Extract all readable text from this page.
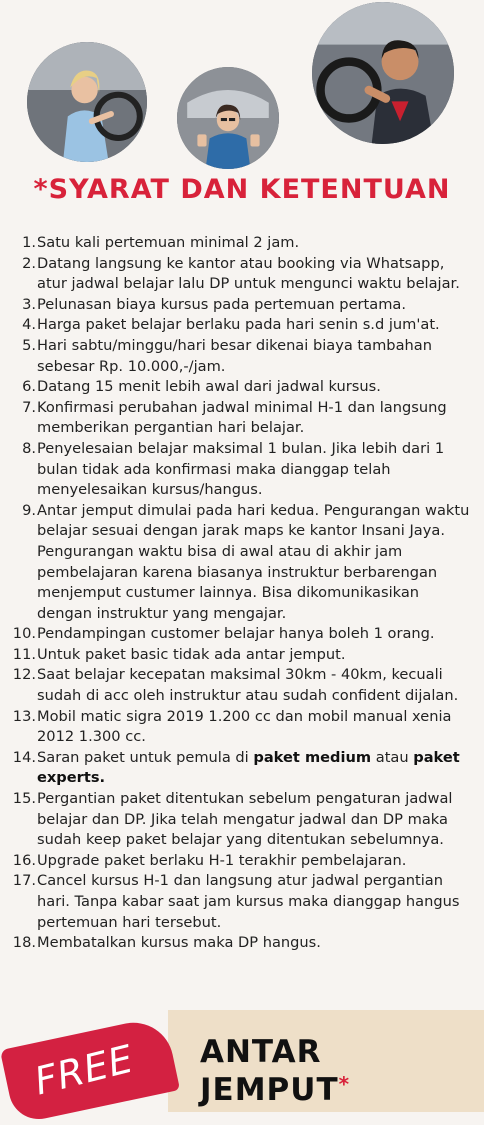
*SYARAT DAN KETENTUAN
1 . Satu kali pertemuan minimal 2 jam.
2 . Datang langsung ke kantor atau booking via Whatsapp, atur jadwal belajar lalu DP untuk mengunci waktu belajar.
3 . Pelunasan biaya kursus pada pertemuan pertama.
4 . Harga paket belajar berlaku pada hari senin s.d jum'at.
5 . Hari sabtu/minggu/hari besar dikenai biaya tambahan sebesar Rp. 10.000,-/jam.
6 . Datang 15 menit lebih awal dari jadwal kursus.
7 . Konfirmasi perubahan jadwal minimal H-1 dan langsung memberikan pergantian hari belajar.
8 . Penyelesaian belajar maksimal 1 bulan. Jika lebih dari 1 bulan tidak ada konfirmasi maka dianggap telah menyelesaikan kursus/hangus.
9 . Antar jemput dimulai pada hari kedua. Pengurangan waktu belajar sesuai dengan jarak maps ke kantor Insani Jaya. Pengurangan waktu bisa di awal atau di akhir jam pembelajaran karena biasanya instruktur berbarengan menjemput custumer lainnya. Bisa dikomunikasikan dengan instruktur yang mengajar.
10 . Pendampingan customer belajar hanya boleh 1 orang.
11 . Untuk paket basic tidak ada antar jemput.
12 . Saat belajar kecepatan maksimal 30km - 40km, kecuali sudah di acc oleh instruktur atau sudah confident dijalan.
13 . Mobil matic sigra 2019 1.200 cc dan mobil manual xenia 2012 1.300 cc.
14 . Saran paket untuk pemula di paket medium atau paket experts.
15 . Pergantian paket ditentukan sebelum pengaturan jadwal belajar dan DP. Jika telah mengatur jadwal dan DP maka sudah keep paket belajar yang ditentukan sebelumnya.
16 . Upgrade paket berlaku H-1 terakhir pembelajaran.
17 . Cancel kursus H-1 dan langsung atur jadwal pergantian hari. Tanpa kabar saat jam kursus maka dianggap hangus pertemuan hari tersebut.
18 . Membatalkan kursus maka DP hangus.
FREE ANTAR
JEMPUT*
